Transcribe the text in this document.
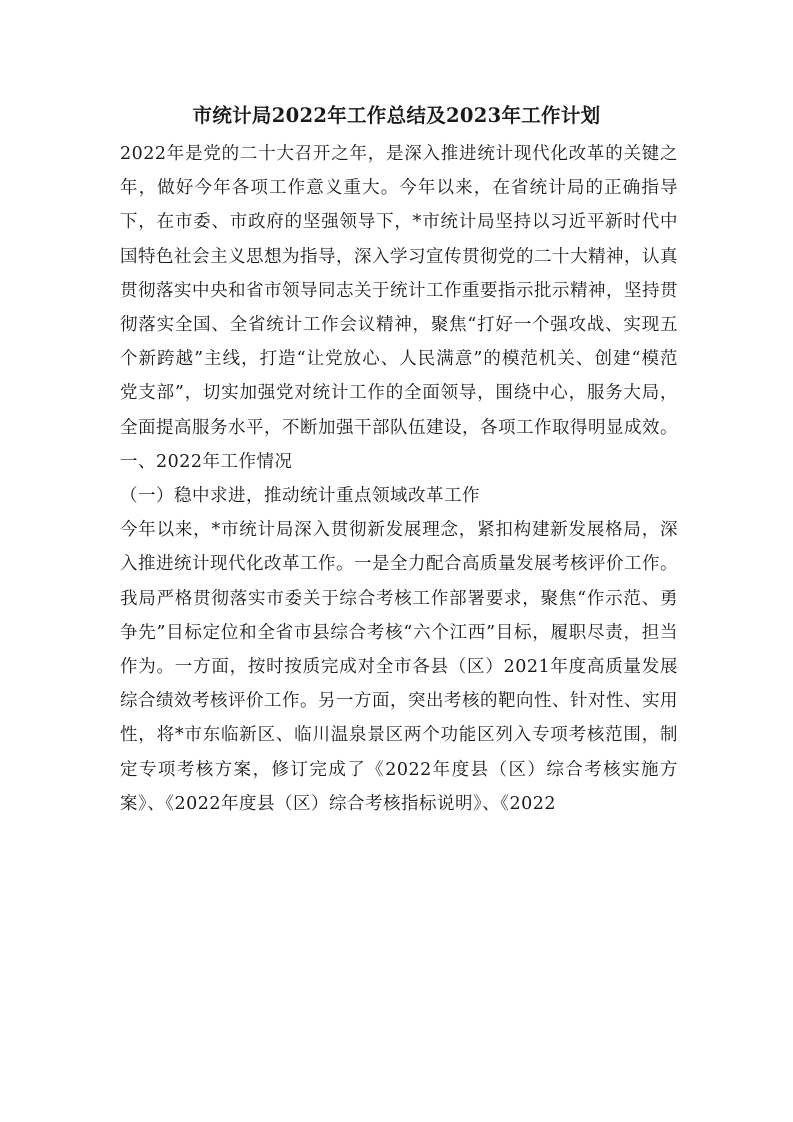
市统计局2022年工作总结及2023年工作计划

2022年是党的二十大召开之年，是深入推进统计现代化改革的关键之年，做好今年各项工作意义重大。今年以来，在省统计局的正确指导下，在市委、市政府的坚强领导下，*市统计局坚持以习近平新时代中国特色社会主义思想为指导，深入学习宣传贯彻党的二十大精神，认真贯彻落实中央和省市领导同志关于统计工作重要指示批示精神，坚持贯彻落实全国、全省统计工作会议精神，聚焦“打好一个强攻战、实现五个新跨越”主线，打造“让党放心、人民满意”的模范机关、创建“模范党支部”，切实加强党对统计工作的全面领导，围绕中心，服务大局，全面提高服务水平，不断加强干部队伍建设，各项工作取得明显成效。

一、2022年工作情况

（一）稳中求进，推动统计重点领域改革工作

今年以来，*市统计局深入贯彻新发展理念，紧扣构建新发展格局，深入推进统计现代化改革工作。一是全力配合高质量发展考核评价工作。我局严格贯彻落实市委关于综合考核工作部署要求，聚焦“作示范、勇争先”目标定位和全省市县综合考核“六个江西”目标，履职尽责，担当作为。一方面，按时按质完成对全市各县（区）2021年度高质量发展综合绩效考核评价工作。另一方面，突出考核的靶向性、针对性、实用性，将*市东临新区、临川温泉景区两个功能区列入专项考核范围，制定专项考核方案，修订完成了《2022年度县（区）综合考核实施方案》、《2022年度县（区）综合考核指标说明》、《2022
